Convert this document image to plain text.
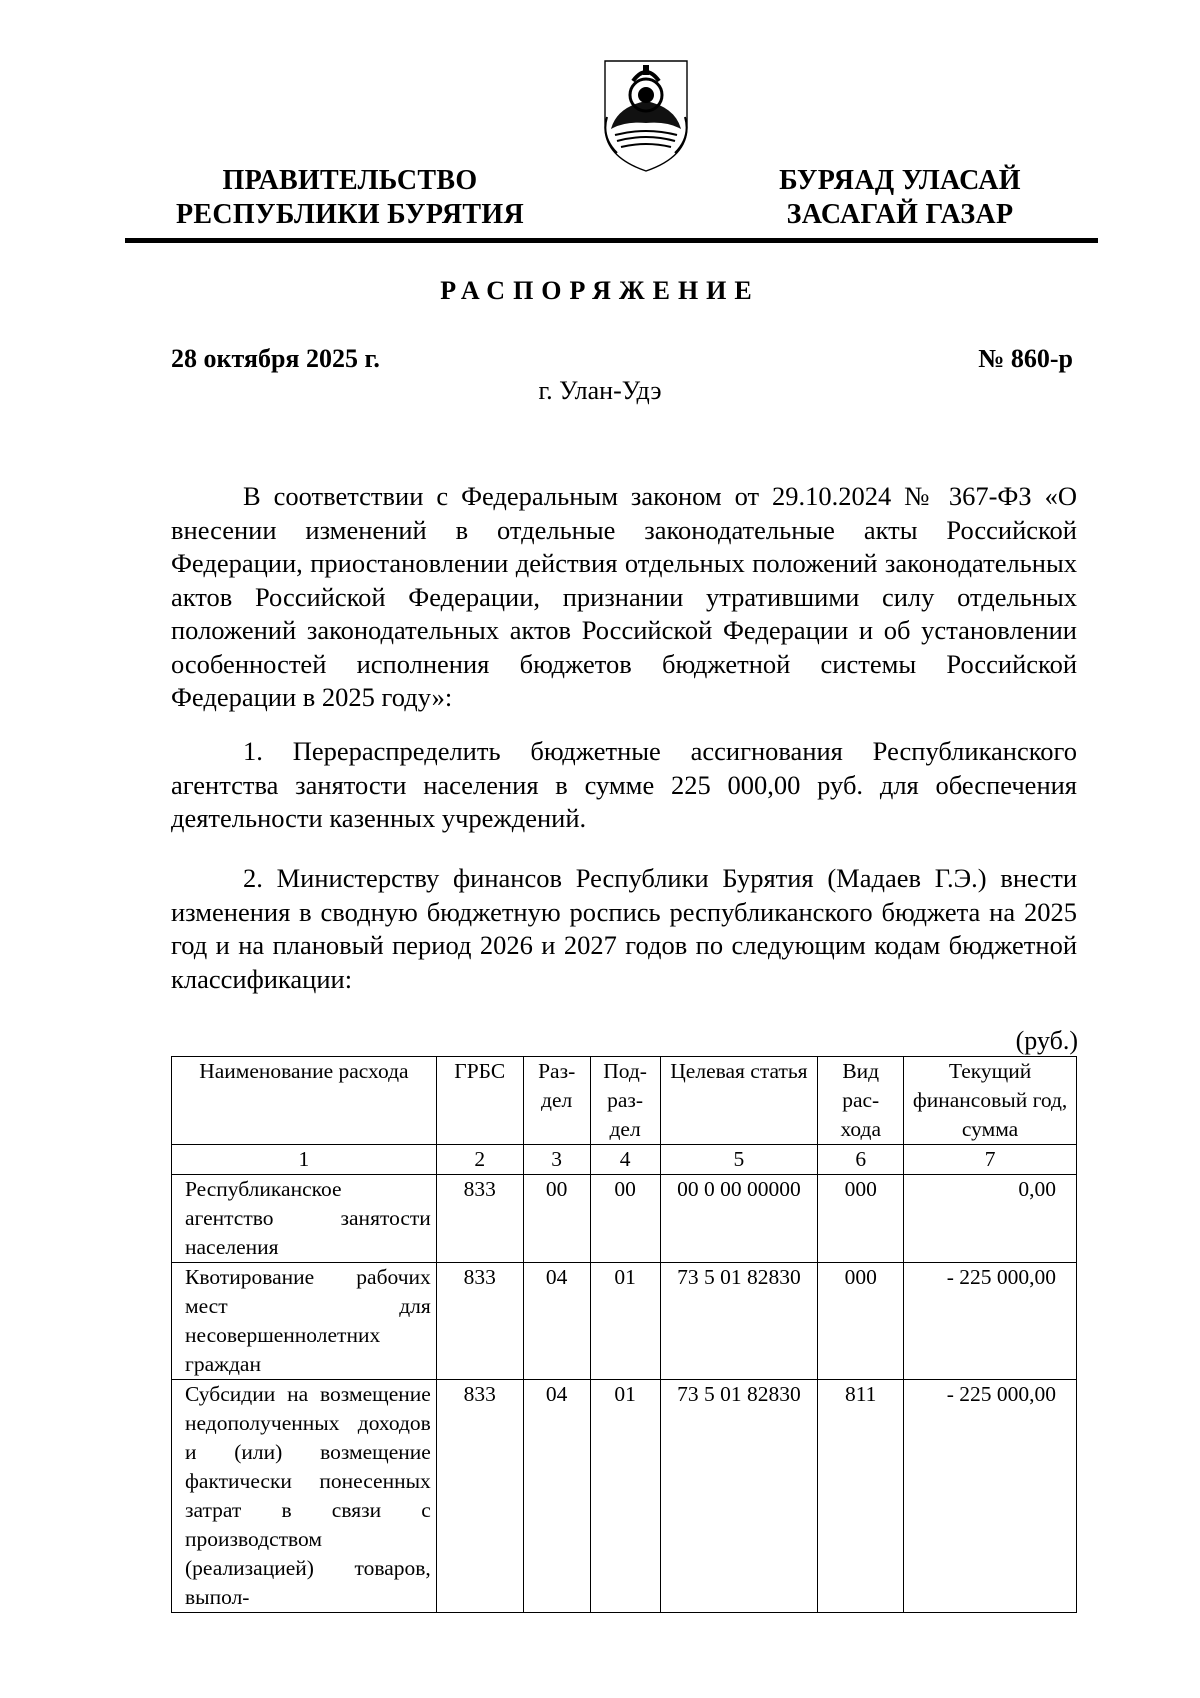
ПРАВИТЕЛЬСТВО
РЕСПУБЛИКИ БУРЯТИЯ
БУРЯАД УЛАСАЙ
ЗАСАГАЙ ГАЗАР
РАСПОРЯЖЕНИЕ
28 октября 2025 г.	№ 860-р
г. Улан-Удэ
В соответствии с Федеральным законом от 29.10.2024 № 367-ФЗ «О внесении изменений в отдельные законодательные акты Российской Федерации, приостановлении действия отдельных положений законодательных актов Российской Федерации, признании утратившими силу отдельных положений законодательных актов Российской Федерации и об установлении особенностей исполнения бюджетов бюджетной системы Российской Федерации в 2025 году»:
1. Перераспределить бюджетные ассигнования Республиканского агентства занятости населения в сумме 225 000,00 руб. для обеспечения деятельности казенных учреждений.
2. Министерству финансов Республики Бурятия (Мадаев Г.Э.) внести изменения в сводную бюджетную роспись республиканского бюджета на 2025 год и на плановый период 2026 и 2027 годов по следующим кодам бюджетной классификации:
(руб.)
Наименование расхода	ГРБС	Раз-дел	Под-раз-дел	Целевая статья	Вид рас-хода	Текущий финансовый год, сумма
1	2	3	4	5	6	7
Республиканское агентство занятости населения	833	00	00	00 0 00 00000	000	0,00
Квотирование рабочих мест для несовершеннолетних граждан	833	04	01	73 5 01 82830	000	- 225 000,00
Субсидии на возмещение недополученных доходов и (или) возмещение фактически понесенных затрат в связи с производством (реализацией) товаров, выпол-	833	04	01	73 5 01 82830	811	- 225 000,00
